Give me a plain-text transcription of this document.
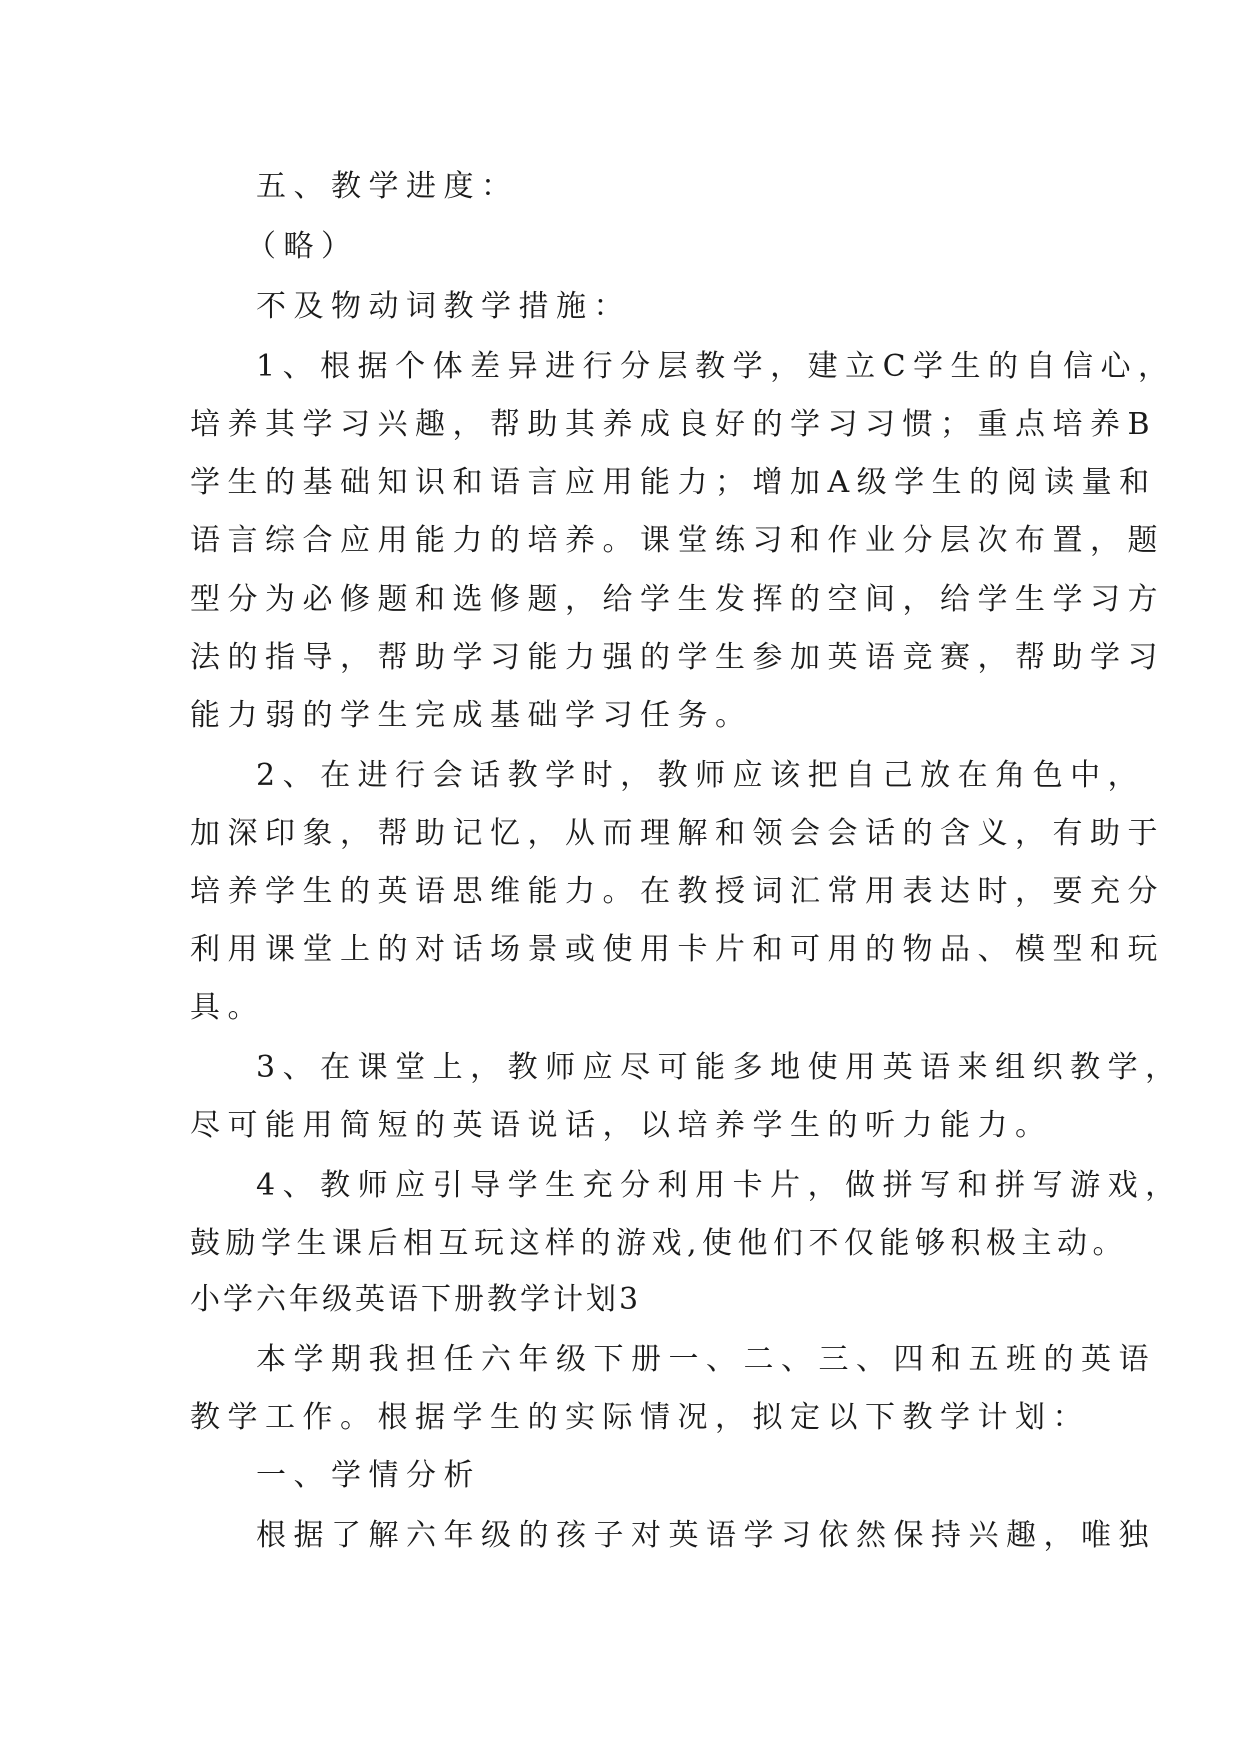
五、教学进度：

（略）

不及物动词教学措施：

1、根据个体差异进行分层教学，建立C学生的自信心，

培养其学习兴趣，帮助其养成良好的学习习惯；重点培养B

学生的基础知识和语言应用能力；增加A级学生的阅读量和

语言综合应用能力的培养。课堂练习和作业分层次布置，题

型分为必修题和选修题，给学生发挥的空间，给学生学习方

法的指导，帮助学习能力强的学生参加英语竞赛，帮助学习

能力弱的学生完成基础学习任务。

2、在进行会话教学时，教师应该把自己放在角色中，

加深印象，帮助记忆，从而理解和领会会话的含义，有助于

培养学生的英语思维能力。在教授词汇常用表达时，要充分

利用课堂上的对话场景或使用卡片和可用的物品、模型和玩

具。

3、在课堂上，教师应尽可能多地使用英语来组织教学，

尽可能用简短的英语说话，以培养学生的听力能力。

4、教师应引导学生充分利用卡片，做拼写和拼写游戏，

鼓励学生课后相互玩这样的游戏,使他们不仅能够积极主动。

小学六年级英语下册教学计划3

本学期我担任六年级下册一、二、三、四和五班的英语

教学工作。根据学生的实际情况，拟定以下教学计划：

一、学情分析

根据了解六年级的孩子对英语学习依然保持兴趣，唯独
